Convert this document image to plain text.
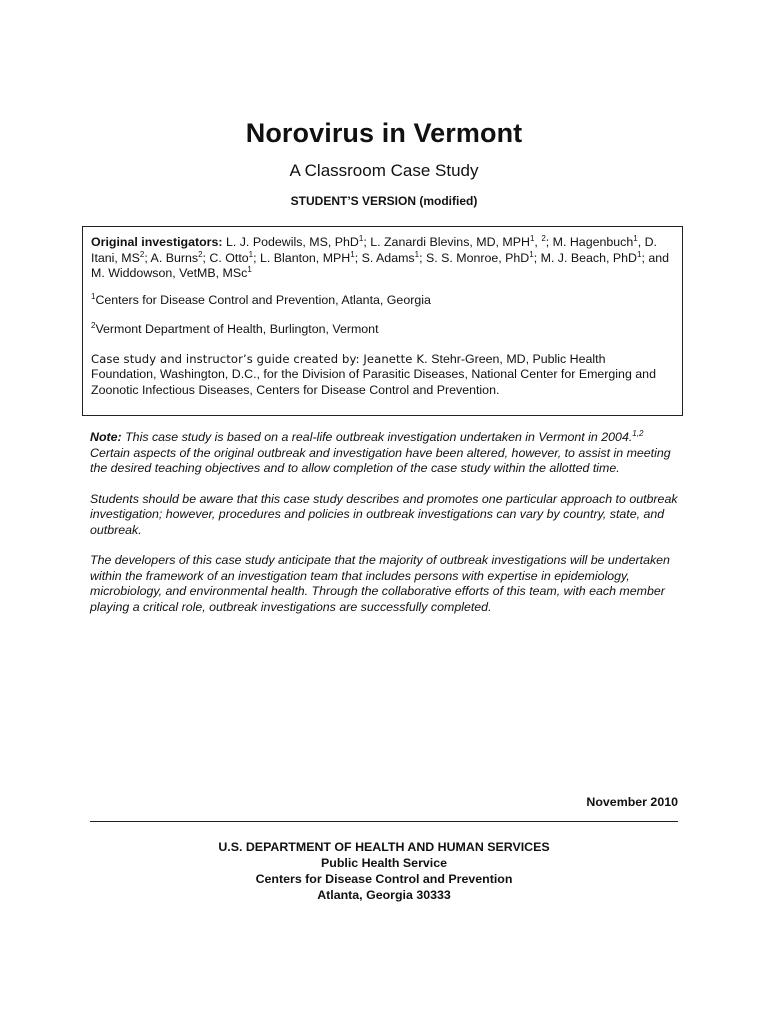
Norovirus in Vermont
A Classroom Case Study
STUDENT’S VERSION (modified)

Original investigators: L. J. Podewils, MS, PhD$^1$; L. Zanardi Blevins, MD, MPH$^1$, $^2$; M. Hagenbuch$^1$, D. Itani, $MS^2$; A. Burns$^2$; C. Otto$^1$; L. Blanton, MPH$^1$; S. Adams$^1$; S. S. Monroe, PhD$^1$; M. J. Beach, PhD$^1$; and M. Widdowson, VetMB, MSc$^1$

$^1$Centers for Disease Control and Prevention, Atlanta, Georgia

$^2$Vermont Department of Health, Burlington, Vermont

Case study and instructor’s guide created by: Jeanette K. Stehr-Green, MD, Public Health Foundation, Washington, D.C., for the Division of Parasitic Diseases, National Center for Emerging and Zoonotic Infectious Diseases, Centers for Disease Control and Prevention.

Note: This case study is based on a real-life outbreak investigation undertaken in Vermont in 2004.$^{1,2}$ Certain aspects of the original outbreak and investigation have been altered, however, to assist in meeting the desired teaching objectives and to allow completion of the case study within the allotted time.

Students should be aware that this case study describes and promotes one particular approach to outbreak investigation; however, procedures and policies in outbreak investigations can vary by country, state, and outbreak.

The developers of this case study anticipate that the majority of outbreak investigations will be undertaken within the framework of an investigation team that includes persons with expertise in epidemiology, microbiology, and environmental health. Through the collaborative efforts of this team, with each member playing a critical role, outbreak investigations are successfully completed.

November 2010
U.S. DEPARTMENT OF HEALTH AND HUMAN SERVICES
Public Health Service
Centers for Disease Control and Prevention
Atlanta, Georgia 30333
